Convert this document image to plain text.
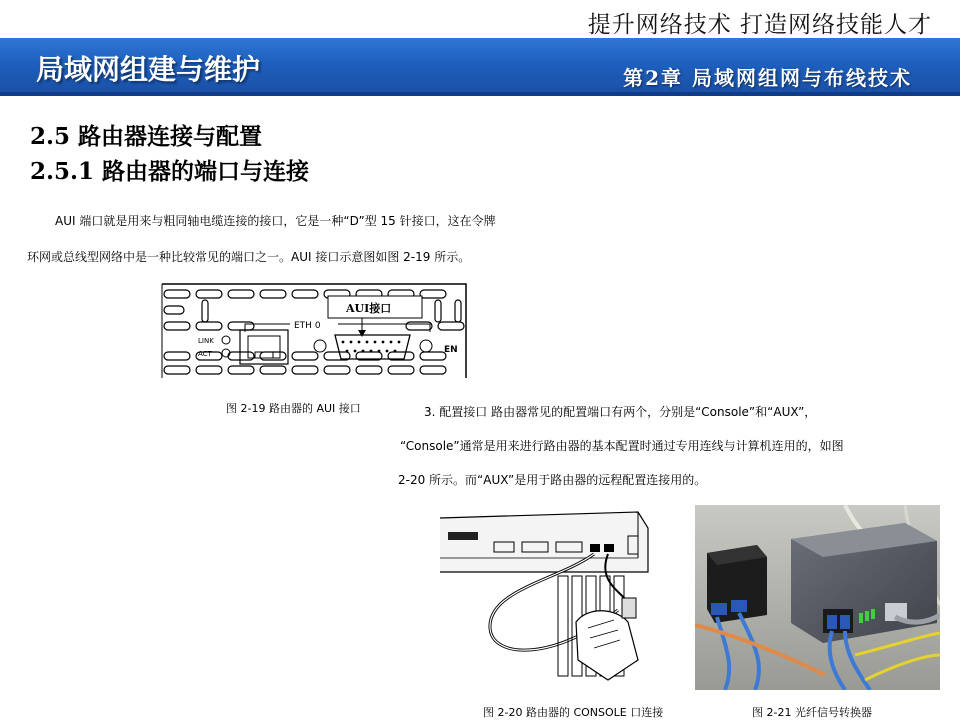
提升网络技术 打造网络技能人才
局域网组建与维护	第2章 局域网组网与布线技术
2.5 路由器连接与配置
2.5.1 路由器的端口与连接
AUI 端口就是用来与粗同轴电缆连接的接口，它是一种“D”型 15 针接口，这在令牌
环网或总线型网络中是一种比较常见的端口之一。AUI 接口示意图如图 2-19 所示。
AUI接口
ETH 0
LINK
ACT	EN
图 2-19 路由器的 AUI 接口	3. 配置接口 路由器常见的配置端口有两个，分别是“Console”和“AUX”，
“Console”通常是用来进行路由器的基本配置时通过专用连线与计算机连用的，如图
2-20 所示。而“AUX”是用于路由器的远程配置连接用的。
图 2-20 路由器的 CONSOLE 口连接	图 2-21 光纤信号转换器
